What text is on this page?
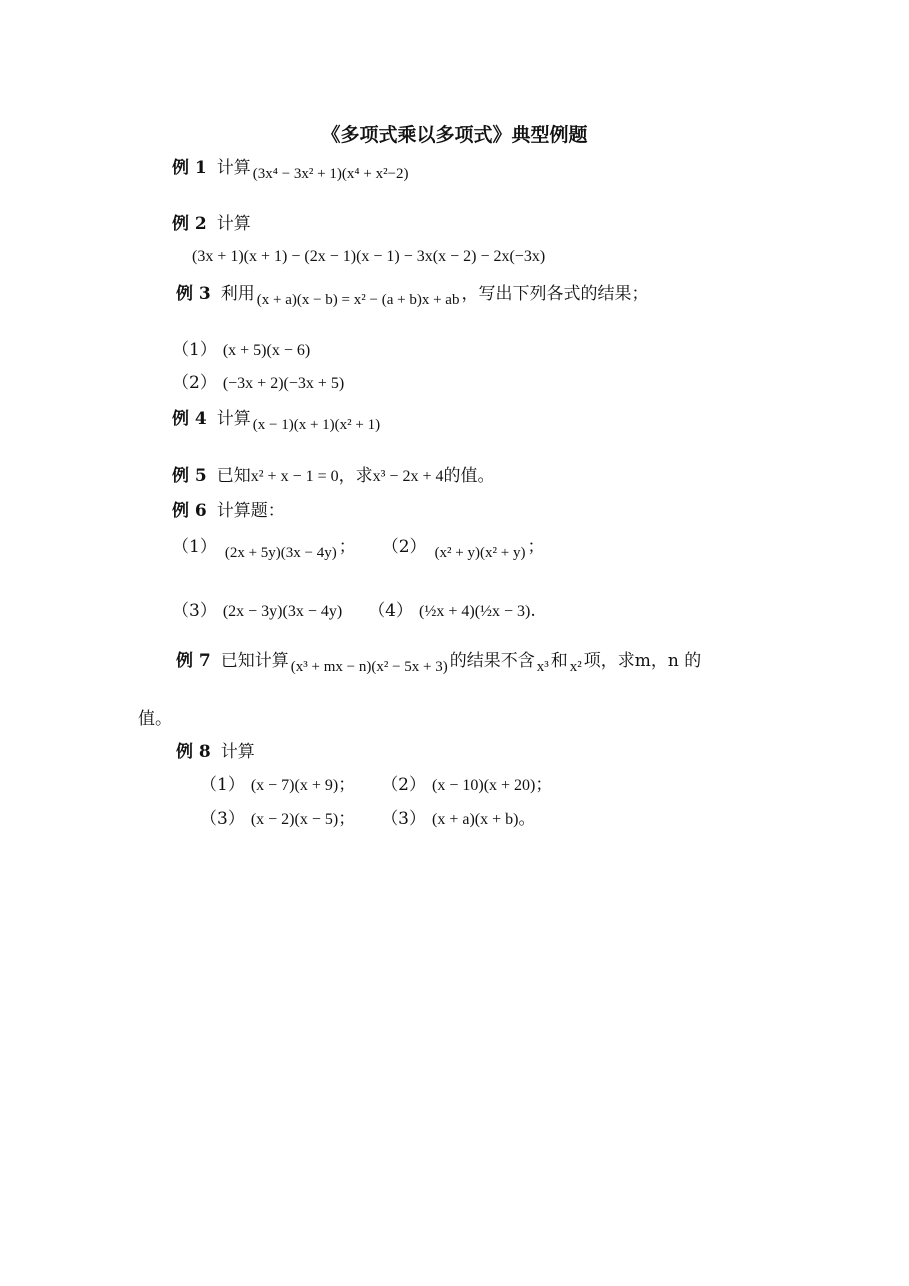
《多项式乘以多项式》典型例题
例 1 计算 (3x⁴ − 3x² + 1)(x⁴ + x²−2)
例 2 计算
(3x + 1)(x + 1) − (2x − 1)(x − 1) − 3x(x − 2) − 2x(−3x)
例 3 利用 (x + a)(x − b) = x² − (a + b)x + ab ，写出下列各式的结果；
（1） (x + 5)(x − 6)
（2） (−3x + 2)(−3x + 5)
例 4 计算 (x − 1)(x + 1)(x² + 1)
例 5 已知x² + x − 1 = 0，求x³ − 2x + 4的值。
例 6 计算题：
（1） (2x + 5y)(3x − 4y) ； （2） (x² + y)(x² + y) ；
（3） (2x − 3y)(3x − 4y) （4） (½x + 4)(½x − 3).
例 7 已知计算 (x³ + mx − n)(x² − 5x + 3) 的结果不含 x³ 和 x² 项，求m，n 的
值。
例 8 计算
（1） (x − 7)(x + 9)； （2） (x − 10)(x + 20)；
（3） (x − 2)(x − 5)； （3） (x + a)(x + b)。
